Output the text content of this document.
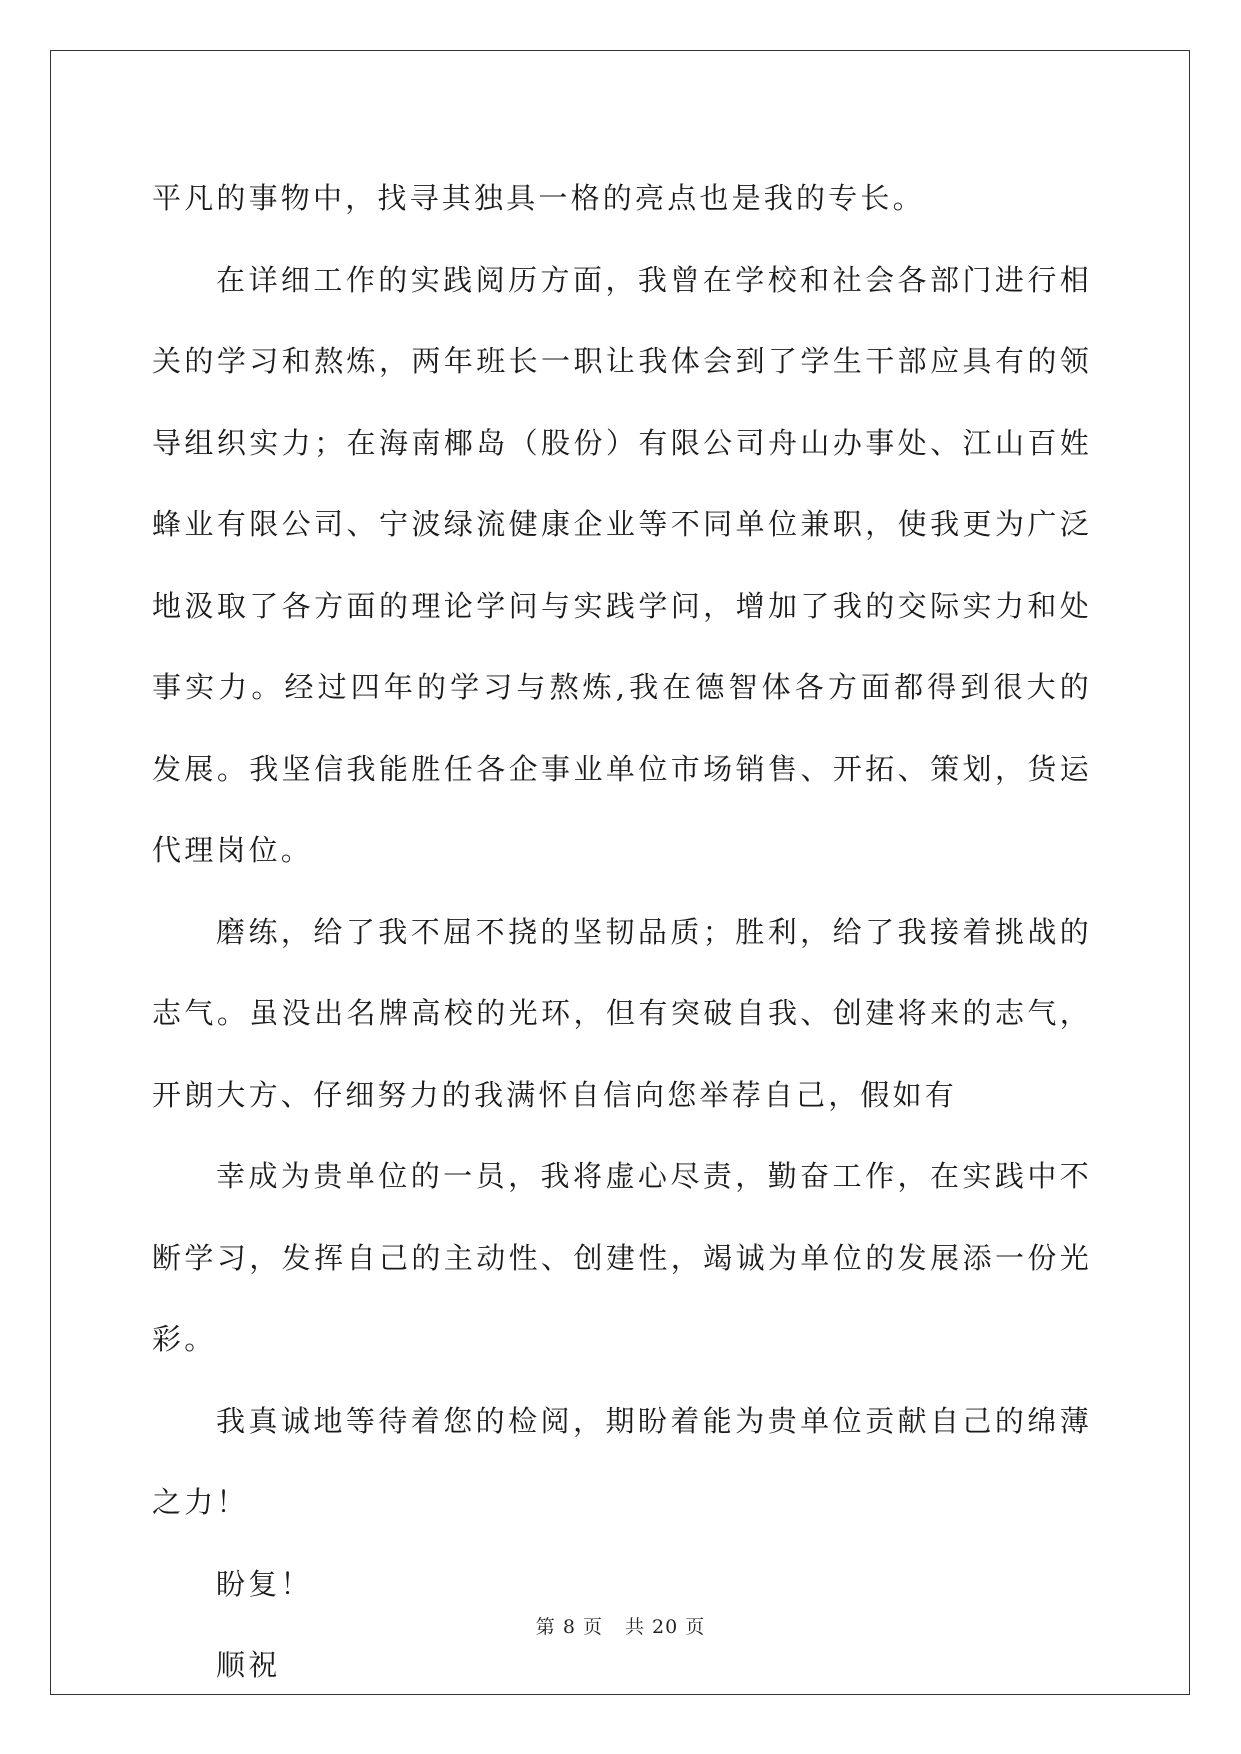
平凡的事物中，找寻其独具一格的亮点也是我的专长。

在详细工作的实践阅历方面，我曾在学校和社会各部门进行相关的学习和熬炼，两年班长一职让我体会到了学生干部应具有的领导组织实力；在海南椰岛（股份）有限公司舟山办事处、江山百姓蜂业有限公司、宁波绿流健康企业等不同单位兼职，使我更为广泛地汲取了各方面的理论学问与实践学问，增加了我的交际实力和处事实力。经过四年的学习与熬炼,我在德智体各方面都得到很大的发展。我坚信我能胜任各企事业单位市场销售、开拓、策划，货运代理岗位。

磨练，给了我不屈不挠的坚韧品质；胜利，给了我接着挑战的志气。虽没出名牌高校的光环，但有突破自我、创建将来的志气，开朗大方、仔细努力的我满怀自信向您举荐自己，假如有

幸成为贵单位的一员，我将虚心尽责，勤奋工作，在实践中不断学习，发挥自己的主动性、创建性，竭诚为单位的发展添一份光彩。

我真诚地等待着您的检阅，期盼着能为贵单位贡献自己的绵薄之力！

盼复！

顺祝

第 8 页 共 20 页
